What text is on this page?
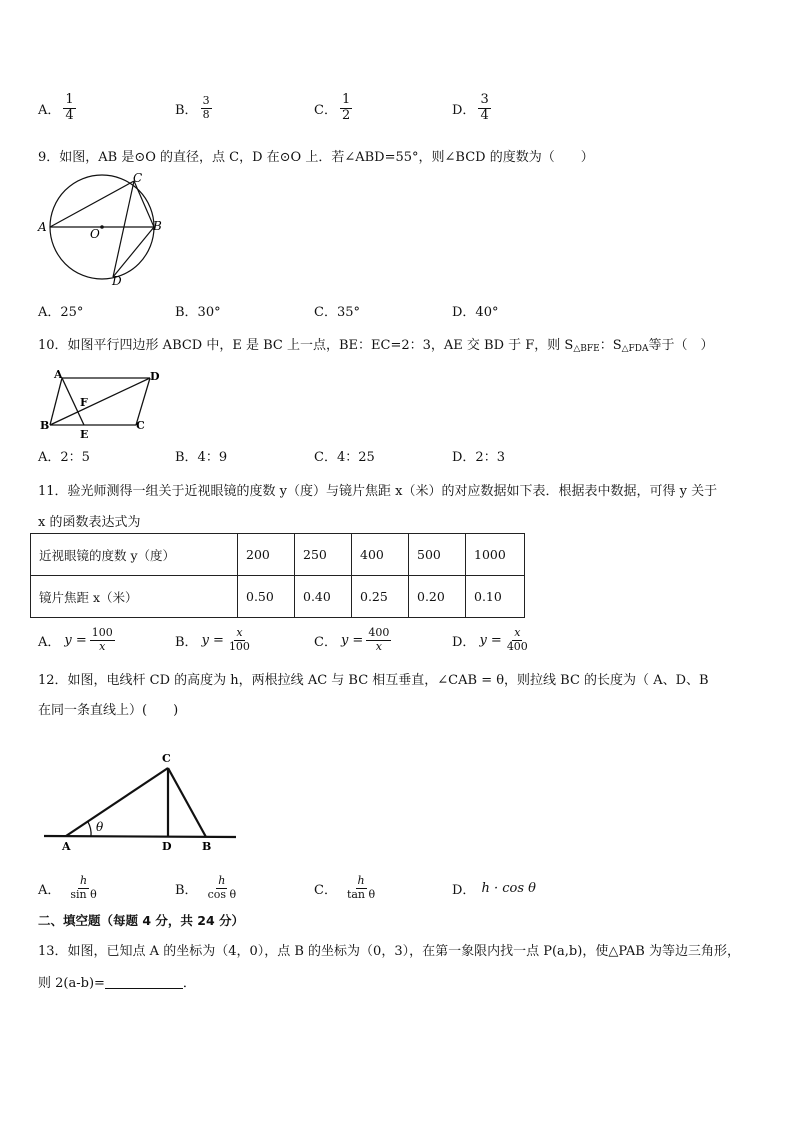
A． $\frac{1}{4}$	B． $\frac{3}{8}$	C． $\frac{1}{2}$	D． $\frac{3}{4}$
9．如图，AB 是⊙O 的直径，点 C，D 在⊙O 上．若∠ABD=55°，则∠BCD 的度数为（　　）
A	B
C
D
O
A．25°	B．30°	C．35°	D．40°
10．如图平行四边形 ABCD 中，E 是 BC 上一点，BE：EC=2：3，AE 交 BD 于 F，则 $S_{\triangle BFE}$：$S_{\triangle FDA}$等于（　）
A	D
B	C
E
F
A．2：5	B．4：9	C．4：25	D．2：3
11．验光师测得一组关于近视眼镜的度数 y（度）与镜片焦距 x（米）的对应数据如下表．根据表中数据，可得 y 关于
x 的函数表达式为
近视眼镜的度数 y（度）	200	250	400	500	1000
镜片焦距 x（米）	0.50	0.40	0.25	0.20	0.10
A． $y = \frac{100}{x}$	B． $y = \frac{x}{100}$	C． $y = \frac{400}{x}$	D． $y = \frac{x}{400}$
12．如图，电线杆 CD 的高度为 h，两根拉线 AC 与 BC 相互垂直，∠CAB = θ，则拉线 BC 的长度为（ A、D、B
在同一条直线上）(　　)
θ
C
A	D	B
A． $\frac{h}{\text{sin θ}}$	B． $\frac{h}{\text{cos θ}}$	C． $\frac{h}{\text{tan θ}}$	D． h · cos θ
二、填空题（每题 4 分，共 24 分）
13．如图，已知点 A 的坐标为（4，0），点 B 的坐标为（0，3），在第一象限内找一点 P(a,b)，使△PAB 为等边三角形，
则 2(a-b)=	．
